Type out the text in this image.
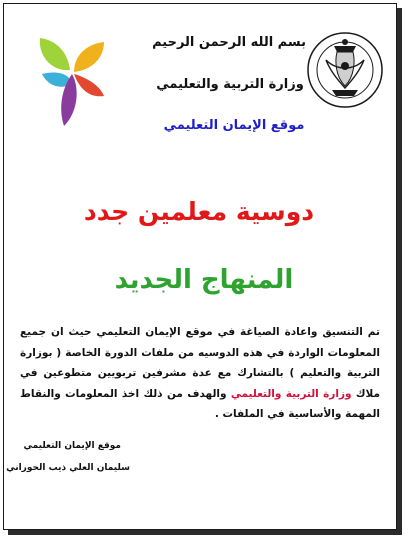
بسم الله الرحمن الرحيم
وزارة التربية والتعليمي
موقع الإيمان التعليمي
دوسية معلمين جدد
المنهاج الجديد
تم التنسيق واعادة الصياغة في موقع الإيمان التعليمي حيث ان جميع المعلومات الواردة في هذه الدوسيه من ملفات الدورة الخاصة ( بوزارة التربية والتعليم ) بالتشارك مع عدة مشرفين تربويين متطوعين في ملاك وزارة التربية والتعليمي والهدف من ذلك اخذ المعلومات والنقاط المهمة والأساسية في الملفات .
موقع الإيمان التعليمي
سليمان العلي ذيب الحوراني
